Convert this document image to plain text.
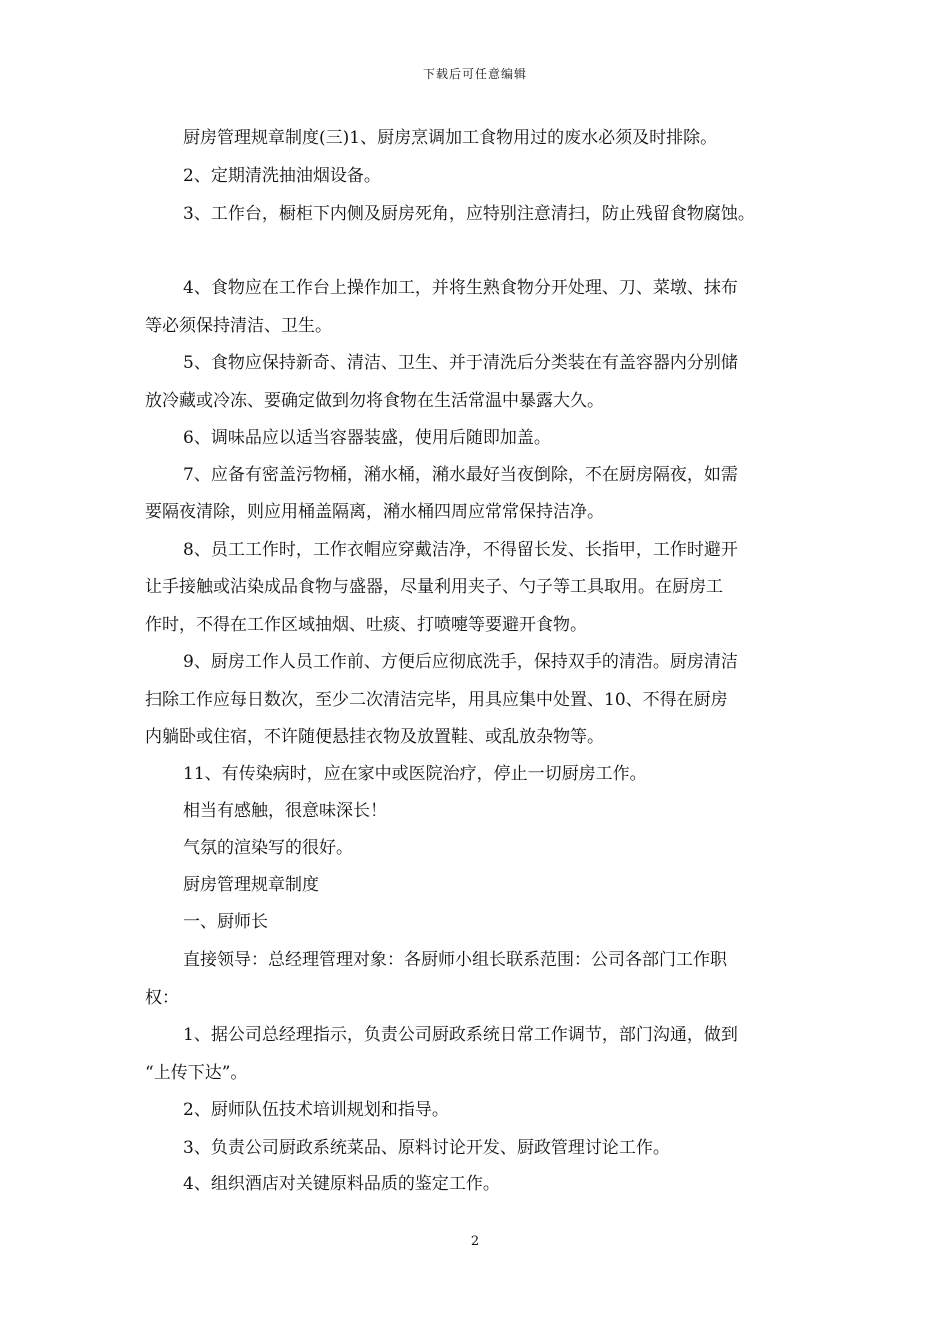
下载后可任意编辑
厨房管理规章制度(三)1、厨房烹调加工食物用过的废水必须及时排除。
2、定期清洗抽油烟设备。
3、工作台，橱柜下内侧及厨房死角，应特别注意清扫，防止残留食物腐蚀。
4、食物应在工作台上操作加工，并将生熟食物分开处理、刀、菜墩、抹布
等必须保持清洁、卫生。
5、食物应保持新奇、清洁、卫生、并于清洗后分类装在有盖容器内分别储
放冷藏或冷冻、要确定做到勿将食物在生活常温中暴露大久。
6、调味品应以适当容器装盛，使用后随即加盖。
7、应备有密盖污物桶，潲水桶，潲水最好当夜倒除，不在厨房隔夜，如需
要隔夜清除，则应用桶盖隔离，潲水桶四周应常常保持洁净。
8、员工工作时，工作衣帽应穿戴洁净，不得留长发、长指甲，工作时避开
让手接触或沾染成品食物与盛器，尽量利用夹子、勺子等工具取用。在厨房工
作时，不得在工作区域抽烟、吐痰、打喷嚏等要避开食物。
9、厨房工作人员工作前、方便后应彻底洗手，保持双手的清浩。厨房清洁
扫除工作应每日数次，至少二次清洁完毕，用具应集中处置、10、不得在厨房
内躺卧或住宿，不许随便悬挂衣物及放置鞋、或乱放杂物等。
11、有传染病时，应在家中或医院治疗，停止一切厨房工作。
相当有感触，很意味深长！
气氛的渲染写的很好。
厨房管理规章制度
一、厨师长
直接领导：总经理管理对象：各厨师小组长联系范围：公司各部门工作职
权：
1、据公司总经理指示，负责公司厨政系统日常工作调节，部门沟通，做到
“上传下达”。
2、厨师队伍技术培训规划和指导。
3、负责公司厨政系统菜品、原料讨论开发、厨政管理讨论工作。
4、组织酒店对关键原料品质的鉴定工作。
2
